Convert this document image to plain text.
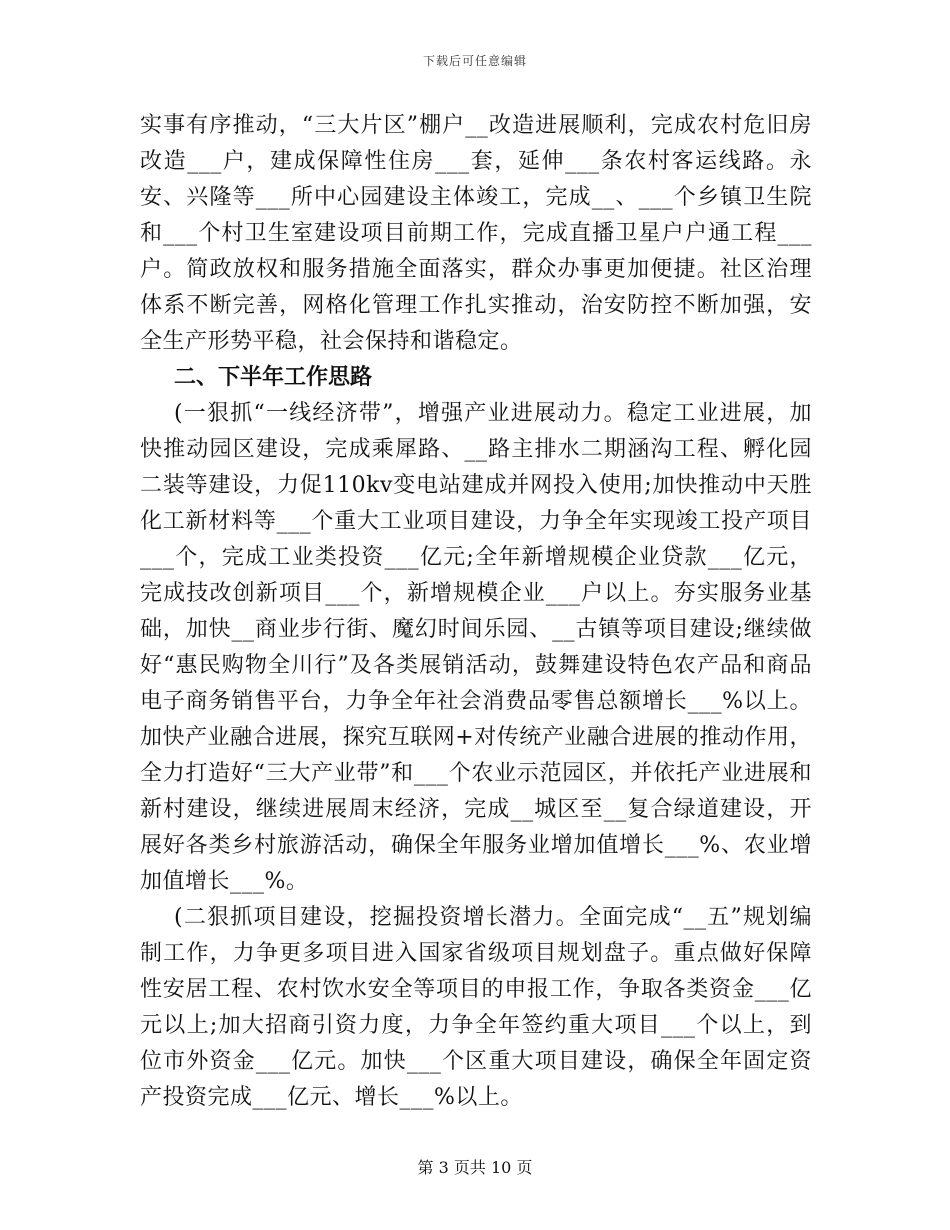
下载后可任意编辑

实事有序推动，“三大片区”棚户__改造进展顺利，完成农村危旧房改造___户，建成保障性住房___套，延伸___条农村客运线路。永安、兴隆等___所中心园建设主体竣工，完成__、___个乡镇卫生院和___个村卫生室建设项目前期工作，完成直播卫星户户通工程___户。简政放权和服务措施全面落实，群众办事更加便捷。社区治理体系不断完善，网格化管理工作扎实推动，治安防控不断加强，安全生产形势平稳，社会保持和谐稳定。

二、下半年工作思路

(一狠抓“一线经济带”，增强产业进展动力。稳定工业进展，加快推动园区建设，完成乘犀路、__路主排水二期涵沟工程、孵化园二装等建设，力促110kv变电站建成并网投入使用;加快推动中天胜化工新材料等___个重大工业项目建设，力争全年实现竣工投产项目___个，完成工业类投资___亿元;全年新增规模企业贷款___亿元，完成技改创新项目___个，新增规模企业___户以上。夯实服务业基础，加快__商业步行街、魔幻时间乐园、__古镇等项目建设;继续做好“惠民购物全川行”及各类展销活动，鼓舞建设特色农产品和商品电子商务销售平台，力争全年社会消费品零售总额增长___%以上。加快产业融合进展，探究互联网+对传统产业融合进展的推动作用，全力打造好“三大产业带”和___个农业示范园区，并依托产业进展和新村建设，继续进展周末经济，完成__城区至__复合绿道建设，开展好各类乡村旅游活动，确保全年服务业增加值增长___%、农业增加值增长___%。

(二狠抓项目建设，挖掘投资增长潜力。全面完成“__五”规划编制工作，力争更多项目进入国家省级项目规划盘子。重点做好保障性安居工程、农村饮水安全等项目的申报工作，争取各类资金___亿元以上;加大招商引资力度，力争全年签约重大项目___个以上，到位市外资金___亿元。加快___个区重大项目建设，确保全年固定资产投资完成___亿元、增长___%以上。

第 3 页共 10 页
